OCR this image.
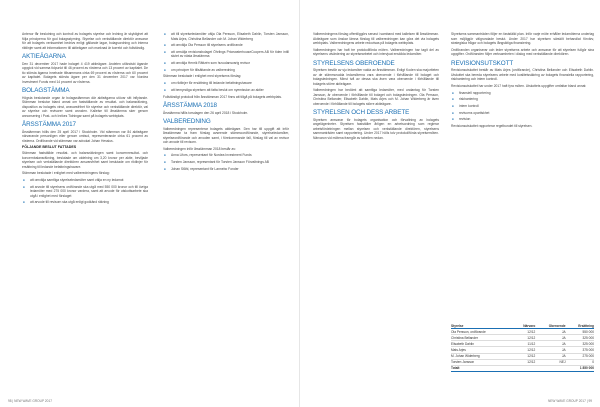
Antenor får beslutning och kontroll av bolagets styrelse och ledning är skyldighet att följa principerna för god bolagsstyrning. Styrelse och verkställande direktör ansvarar för att bolagets verksamhet bedrivs enligt gällande lagar, bolagsordning och interna riktlinjer samt att informationen till aktieägare och marknad är korrekt och fullständig.

AKTIEÄGARNA

Den 31 december 2017 hade bolaget 4 419 aktieägare. Andelen utländskt ägande uppgick vid samma tidpunkt till 46 procent av rösterna och 13 procent av kapitalet. De tio största ägarna innehade tillsammans cirka 69 procent av rösterna och 60 procent av kapitalet. Bolagets största ägare per den 31 december 2017 var Nordea Investment Funds med 14 procent av rösterna.

BOLAGSTÄMMA

Högsta beslutande organ är bolagsstämman där aktieägarna utövar sitt inflytande. Stämman beslutar bland annat om fastställande av resultat- och balansräkning, disposition av bolagets vinst, ansvarsfrihet för styrelse och verkställande direktör, val av styrelse och revisorer samt arvoden. Kallelse till årsstämma sker genom annonsering i Post- och Inrikes Tidningar samt på bolagets webbplats.

ÅRSSTÄMMA 2017

Årsstämman hölls den 25 april 2017 i Stockholm. Vid stämman var 84 aktieägare närvarande personligen eller genom ombud, representerande cirka 61 procent av rösterna. Ordförande vid stämman var advokat Johan Hessius.

FÖLJANDE BESLUT FATTADES

Stämman fastställde resultat- och balansräkningen samt koncernresultat- och koncernbalansräkning, beslutade om utdelning om 3,20 kronor per aktie, beviljade styrelsen och verkställande direktören ansvarsfrihet samt beslutade om riktlinjer för ersättning till ledande befattningshavare.

Stämman beslutade i enlighet med valberedningens förslag:

● att omvälja samtliga styrelseledamöter samt välja en ny ledamot
● att arvode till styrelsens ordförande ska utgå med 550 000 kronor och till övriga ledamöter med 275 000 kronor vardera, samt att arvode för utskottsarbete ska utgå i enlighet med förslaget
● att arvode till revisorn ska utgå enligt godkänd räkning
● att till styrelseledamöter välja Ola Persson, Elisabeth Dahlin, Torsten Jansson, Mats Arjes, Christina Bellander och M. Johan Widerberg
● att omvälja Ola Persson till styrelsens ordförande
● att omvälja revisionsbolaget Öhrlings PricewaterhouseCoopers AB för tiden intill slutet av nästa årsstämma
● att omvälja Henrik Rättzén som huvudansvarig revisor
● om principer för tillsättande av valberedning

Stämman beslutade i enlighet med styrelsens förslag:

● om riktlinjer för ersättning till ledande befattningshavare
● att bemyndiga styrelsen att fatta beslut om nyemission av aktier

Fullständigt protokoll från årsstämman 2017 finns att tillgå på bolagets webbplats.

ÅRSSTÄMMA 2018

Årsstämma hålls torsdagen den 26 april 2018 i Stockholm.

VALBEREDNING

Valberedningen representerar bolagets aktieägare. Den har till uppgift att inför årsstämman ta fram förslag avseende stämmoordförande, styrelseledamöter, styrelseordförande och arvoden samt, i förekommande fall, förslag till val av revisor och arvode till revisorn.

Valberedningen inför årsstämman 2018 består av:

● Anna Lifors, representant för Nordea Investment Funds
● Torsten Jansson, representant för Torsten Jansson Förvaltnings AB
● Johan Ståhl, representant för Lannebo Fonder

Valberedningens förslag offentliggörs senast i samband med kallelsen till årsstämman. Aktieägare som önskar lämna förslag till valberedningen kan göra det via bolagets webbplats. Valberedningens arbete redovisas på bolagets webbplats.

Valberedningen har haft tre protokollförda möten. Valberedningen har tagit del av styrelsens utvärdering av styrelsearbetet och intervjuat enskilda ledamöter.

STYRELSENS OBEROENDE

Styrelsen består av sju ledamöter valda av årsstämman. Enligt Koden ska majoriteten av de stämmovalda ledamöterna vara oberoende i förhållande till bolaget och bolagsledningen. Minst två av dessa ska även vara oberoende i förhållande till bolagets större aktieägare.

Valberedningen har bedömt att samtliga ledamöter, med undantag för Torsten Jansson, är oberoende i förhållande till bolaget och bolagsledningen. Ola Persson, Christina Bellander, Elisabeth Dahlin, Mats Arjes och M. Johan Widerberg är även oberoende i förhållande till bolagets större aktieägare.

STYRELSEN OCH DESS ARBETE

Styrelsen ansvarar för bolagets organisation och förvaltning av bolagets angelägenheter. Styrelsen fastställer årligen en arbetsordning som reglerar arbetsfördelningen mellan styrelsen och verkställande direktören, styrelsens sammanträden samt rapportering. Under 2017 hölls tolv protokollförda styrelsemöten. Närvaron vid mötena framgår av tabellen nedan.

Styrelsens sammanträden följer en fastställd plan. Inför varje möte erhåller ledamöterna underlag som möjliggör välgrundade beslut. Under 2017 har styrelsen särskilt behandlat förvärv, strategiska frågor och bolagets långsiktiga finansiering.

Ordföranden organiserar och leder styrelsens arbete och ansvarar för att styrelsen fullgör sina uppgifter. Ordföranden följer verksamheten i dialog med verkställande direktören.

REVISIONSUTSKOTT

Revisionsutskottet består av Mats Arjes (ordförande), Christina Bellander och Elisabeth Dahlin. Utskottet ska bereda styrelsens arbete med kvalitetssäkring av bolagets finansiella rapportering, riskhantering och intern kontroll.

Revisionsutskottet har under 2017 haft fyra möten. Utskottets uppgifter omfattar bland annat:

● finansiell rapportering
● riskhantering
● intern kontroll
● revisorns opartiskhet
● revision

Revisionsutskottet rapporterar regelbundet till styrelsen.

Styrelse	Närvaro	Oberoende	Ersättning
Ola Persson, ordförande	12/12	JA	550 000
Christina Bellander	12/12	JA	325 000
Elisabeth Dahlin	11/12	JA	325 000
Mats Arjes	12/12	JA	375 000
M. Johan Widerberg	12/12	JA	275 000
Torsten Jansson	12/12	NEJ	0
Totalt			1 850 000
98 | NEW WAVE GROUP 2017	NEW WAVE GROUP 2017 | 99
